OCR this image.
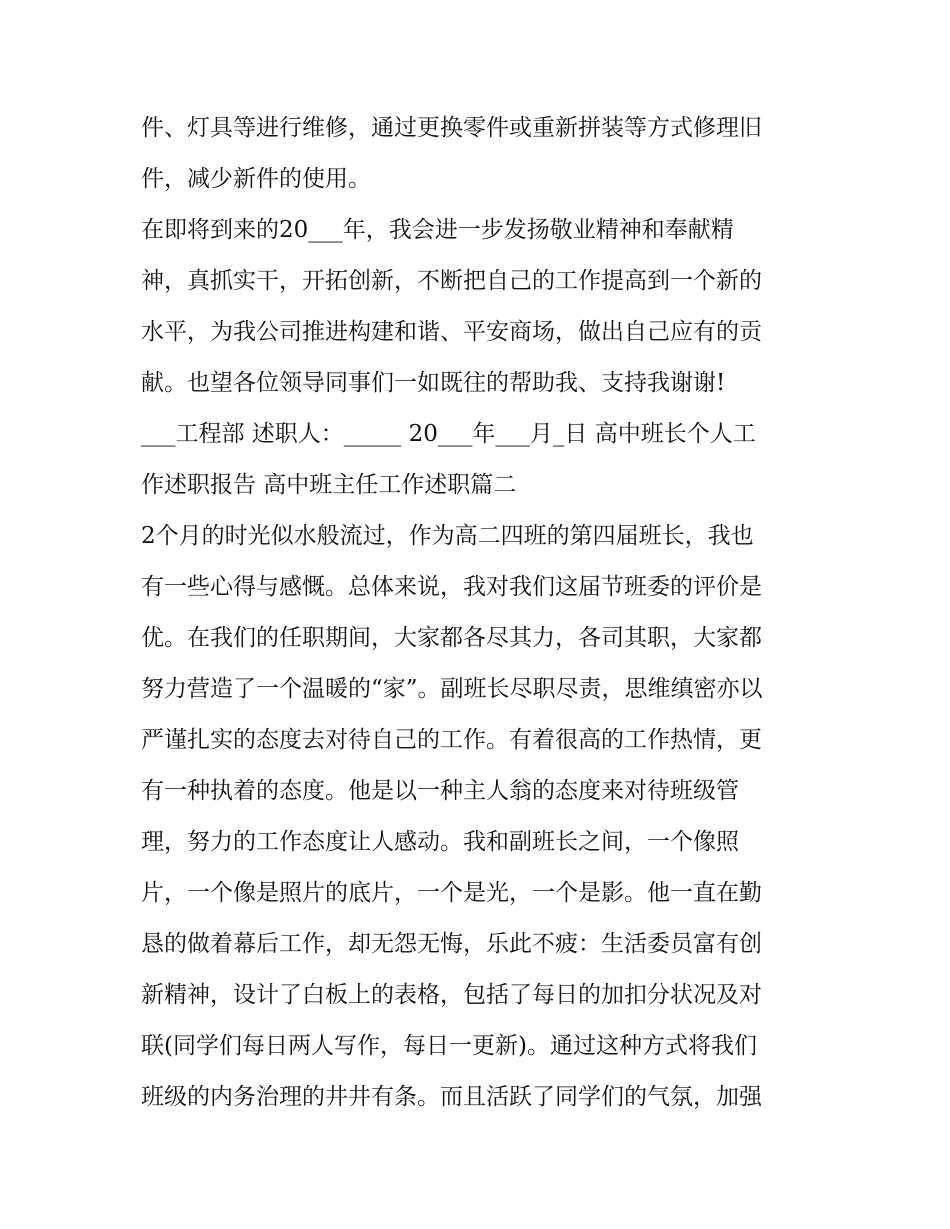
件、灯具等进行维修，通过更换零件或重新拼装等方式修理旧
件，减少新件的使用。
在即将到来的20___年，我会进一步发扬敬业精神和奉献精
神，真抓实干，开拓创新，不断把自己的工作提高到一个新的
水平，为我公司推进构建和谐、平安商场，做出自己应有的贡
献。也望各位领导同事们一如既往的帮助我、支持我谢谢!
___工程部 述职人：_____ 20___年___月_日 高中班长个人工
作述职报告 高中班主任工作述职篇二
2个月的时光似水般流过，作为高二四班的第四届班长，我也
有一些心得与感慨。总体来说，我对我们这届节班委的评价是
优。在我们的任职期间，大家都各尽其力，各司其职，大家都
努力营造了一个温暖的“家”。副班长尽职尽责，思维缜密亦以
严谨扎实的态度去对待自己的工作。有着很高的工作热情，更
有一种执着的态度。他是以一种主人翁的态度来对待班级管
理，努力的工作态度让人感动。我和副班长之间，一个像照
片，一个像是照片的底片，一个是光，一个是影。他一直在勤
恳的做着幕后工作，却无怨无悔，乐此不疲：生活委员富有创
新精神，设计了白板上的表格，包括了每日的加扣分状况及对
联(同学们每日两人写作，每日一更新)。通过这种方式将我们
班级的内务治理的井井有条。而且活跃了同学们的气氛，加强
